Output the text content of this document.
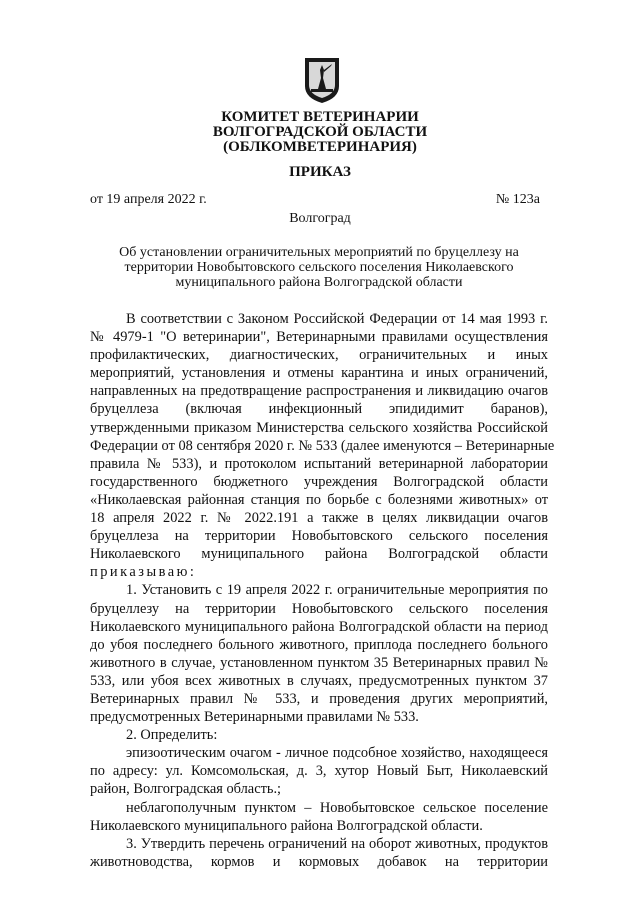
КОМИТЕТ ВЕТЕРИНАРИИ
ВОЛГОГРАДСКОЙ ОБЛАСТИ
(ОБЛКОМВЕТЕРИНАРИЯ)
ПРИКАЗ
от 19 апреля 2022 г.	№ 123а
Волгоград
Об установлении ограничительных мероприятий по бруцеллезу на
территории Новобытовского сельского поселения Николаевского
муниципального района Волгоградской области
В соответствии с Законом Российской Федерации от 14 мая 1993 г.
№ 4979-1 "О ветеринарии", Ветеринарными правилами осуществления
профилактических, диагностических, ограничительных и иных
мероприятий, установления и отмены карантина и иных ограничений,
направленных на предотвращение распространения и ликвидацию очагов
бруцеллеза (включая инфекционный эпидидимит баранов),
утвержденными приказом Министерства сельского хозяйства Российской
Федерации от 08 сентября 2020 г. № 533 (далее именуются – Ветеринарные
правила № 533), и протоколом испытаний ветеринарной лаборатории
государственного бюджетного учреждения Волгоградской области
«Николаевская районная станция по борьбе с болезнями животных» от
18 апреля 2022 г. № 2022.191 а также в целях ликвидации очагов
бруцеллеза на территории Новобытовского сельского поселения
Николаевского муниципального района Волгоградской области
приказываю:
1. Установить с 19 апреля 2022 г. ограничительные мероприятия по
бруцеллезу на территории Новобытовского сельского поселения
Николаевского муниципального района Волгоградской области на период
до убоя последнего больного животного, приплода последнего больного
животного в случае, установленном пунктом 35 Ветеринарных правил №
533, или убоя всех животных в случаях, предусмотренных пунктом 37
Ветеринарных правил № 533, и проведения других мероприятий,
предусмотренных Ветеринарными правилами № 533.
2. Определить:
эпизоотическим очагом - личное подсобное хозяйство, находящееся
по адресу: ул. Комсомольская, д. 3, хутор Новый Быт, Николаевский
район, Волгоградская область.;
неблагополучным пунктом – Новобытовское сельское поселение
Николаевского муниципального района Волгоградской области.
3. Утвердить перечень ограничений на оборот животных, продуктов
животноводства, кормов и кормовых добавок на территории
